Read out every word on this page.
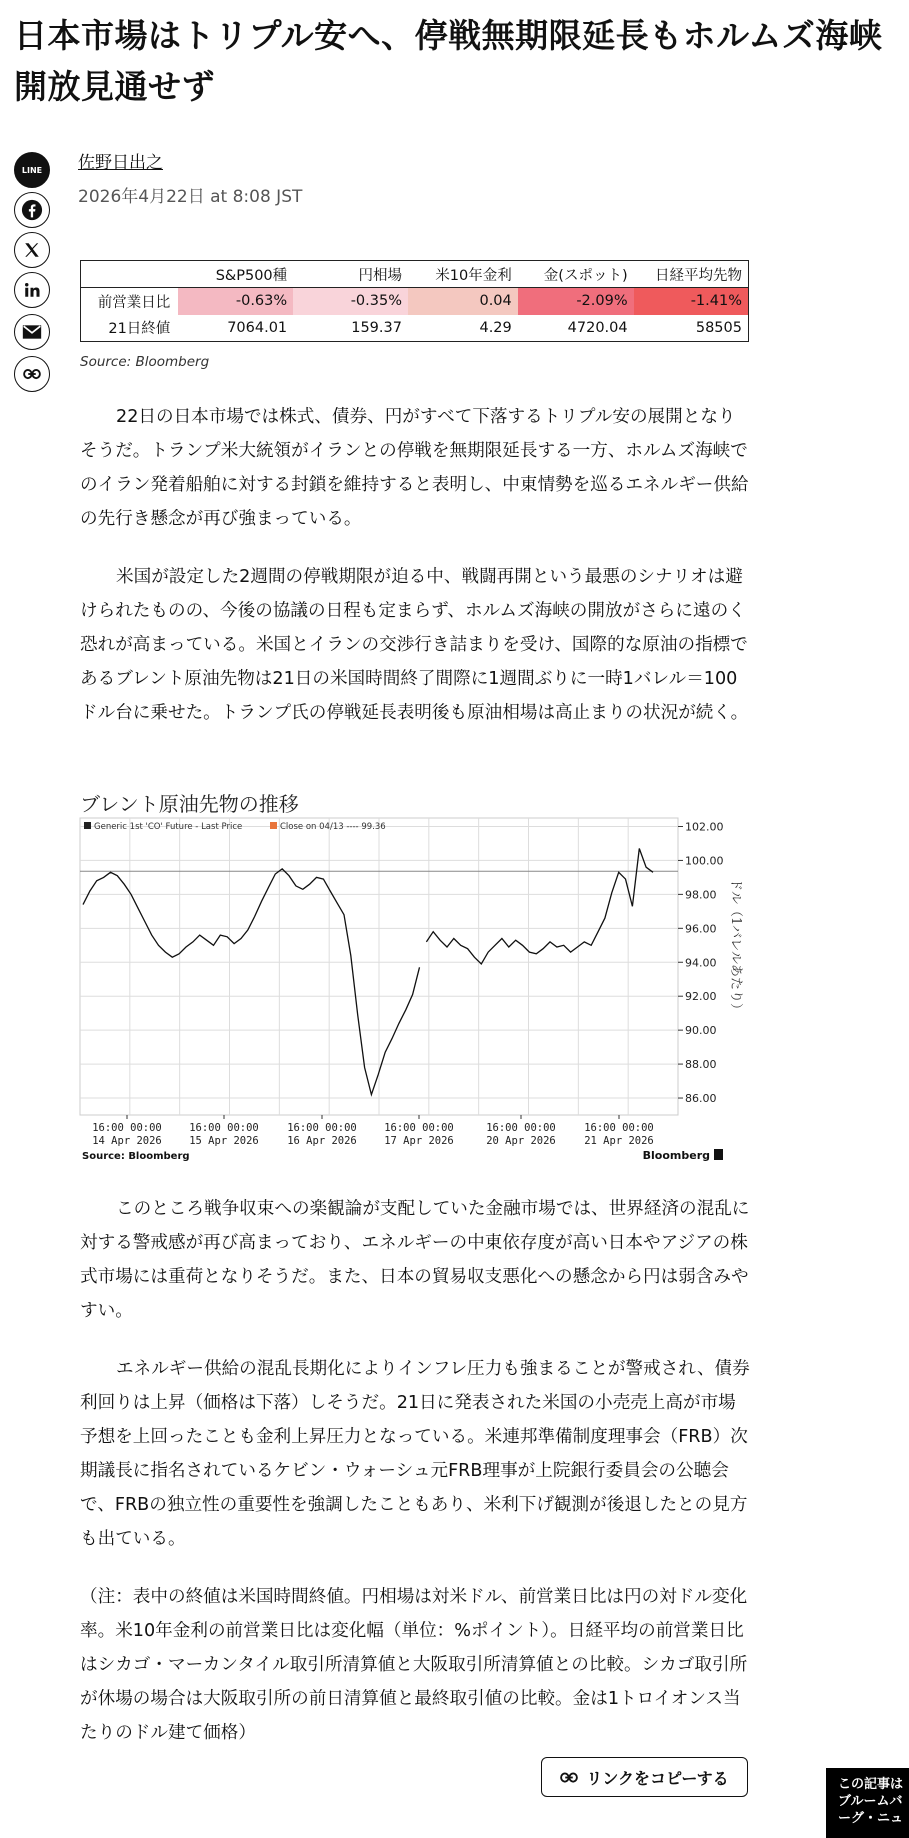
日本市場はトリプル安へ、停戦無期限延長もホルムズ海峡開放見通せず
LINE 佐野日出之
2026年4月22日 at 8:08 JST
	S&P500種	円相場	米10年金利	金(スポット)	日経平均先物
前営業日比	-0.63%	-0.35%	0.04	-2.09%	-1.41%
21日終値	7064.01	159.37	4.29	4720.04	58505
Source: Bloomberg

22日の日本市場では株式、債券、円がすべて下落するトリプル安の展開となりそうだ。トランプ米大統領がイランとの停戦を無期限延長する一方、ホルムズ海峡でのイラン発着船舶に対する封鎖を維持すると表明し、中東情勢を巡るエネルギー供給の先行き懸念が再び強まっている。

米国が設定した2週間の停戦期限が迫る中、戦闘再開という最悪のシナリオは避けられたものの、今後の協議の日程も定まらず、ホルムズ海峡の開放がさらに遠のく恐れが高まっている。米国とイランの交渉行き詰まりを受け、国際的な原油の指標であるブレント原油先物は21日の米国時間終了間際に1週間ぶりに一時1バレル＝100ドル台に乗せた。トランプ氏の停戦延長表明後も原油相場は高止まりの状況が続く。

ブレント原油先物の推移
102.00
100.00
98.00
96.00
94.00
92.00
90.00
88.00
86.00
Generic 1st 'CO' Future - Last Price	Close on 04/13 ---- 99.36
ドル（1バレルあたり）
16:00 00:00
14 Apr 2026
16:00 00:00
15 Apr 2026
16:00 00:00
16 Apr 2026
16:00 00:00
17 Apr 2026
16:00 00:00
20 Apr 2026
16:00 00:00
21 Apr 2026
Source: Bloomberg	Bloomberg

このところ戦争収束への楽観論が支配していた金融市場では、世界経済の混乱に対する警戒感が再び高まっており、エネルギーの中東依存度が高い日本やアジアの株式市場には重荷となりそうだ。また、日本の貿易収支悪化への懸念から円は弱含みやすい。

エネルギー供給の混乱長期化によりインフレ圧力も強まることが警戒され、債券利回りは上昇（価格は下落）しそうだ。21日に発表された米国の小売売上高が市場予想を上回ったことも金利上昇圧力となっている。米連邦準備制度理事会（FRB）次期議長に指名されているケビン・ウォーシュ元FRB理事が上院銀行委員会の公聴会で、FRBの独立性の重要性を強調したこともあり、米利下げ観測が後退したとの見方も出ている。

（注：表中の終値は米国時間終値。円相場は対米ドル、前営業日比は円の対ドル変化率。米10年金利の前営業日比は変化幅（単位：%ポイント）。日経平均の前営業日比はシカゴ・マーカンタイル取引所清算値と大阪取引所清算値との比較。シカゴ取引所が休場の場合は大阪取引所の前日清算値と最終取引値の比較。金は1トロイオンス当たりのドル建て価格）

リンクをコピーする	この記事は
ブルームバ
ーグ・ニュ
